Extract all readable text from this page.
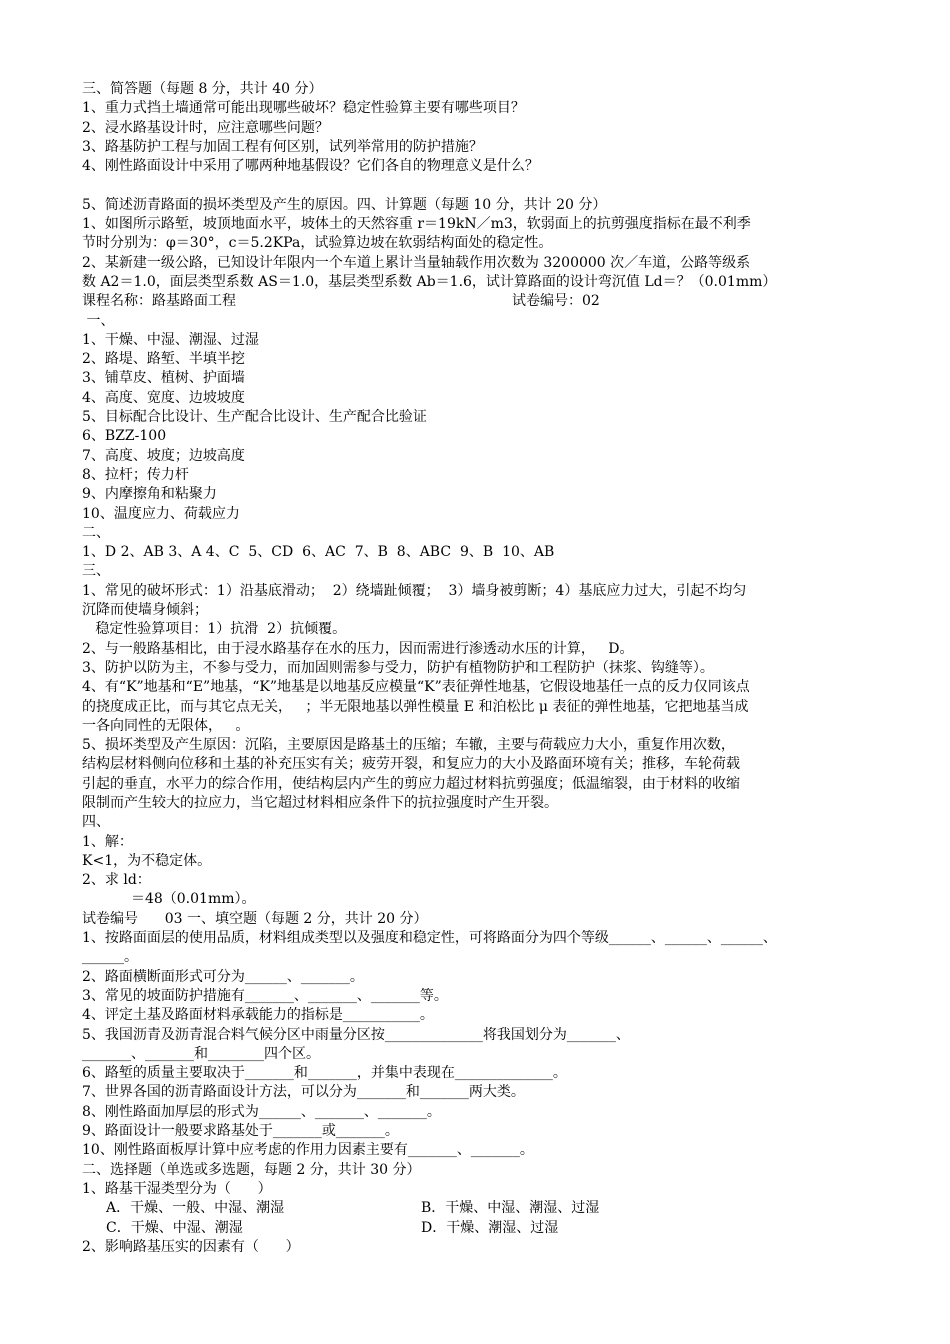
三、简答题（每题 8 分，共计 40 分）
1、重力式挡土墙通常可能出现哪些破坏？稳定性验算主要有哪些项目？
2、浸水路基设计时，应注意哪些问题？
3、路基防护工程与加固工程有何区别，试列举常用的防护措施？
4、刚性路面设计中采用了哪两种地基假设？它们各自的物理意义是什么？
5、简述沥青路面的损坏类型及产生的原因。四、计算题（每题 10 分，共计 20 分）
1、如图所示路堑，坡顶地面水平，坡体土的天然容重 r＝19kN／m3，软弱面上的抗剪强度指标在最不利季
节时分别为：φ＝30°，c＝5.2KPa，试验算边坡在软弱结构面处的稳定性。
2、某新建一级公路，已知设计年限内一个车道上累计当量轴载作用次数为 3200000 次／车道，公路等级系
数 A2＝1.0，面层类型系数 AS＝1.0，基层类型系数 Ab＝1.6，试计算路面的设计弯沉值 Ld＝？（0.01mm）
课程名称：路基路面工程	试卷编号：02
一、
1、干燥、中湿、潮湿、过湿
2、路堤、路堑、半填半挖
3、铺草皮、植树、护面墙
4、高度、宽度、边坡坡度
5、目标配合比设计、生产配合比设计、生产配合比验证
6、BZZ-100
7、高度、坡度；边坡高度
8、拉杆；传力杆
9、内摩擦角和粘聚力
10、温度应力、荷载应力
二、
1、D 2、AB 3、A 4、C  5、CD  6、AC  7、B  8、ABC  9、B  10、AB
三、
1、常见的破坏形式：1）沿基底滑动；  2）绕墙趾倾覆；  3）墙身被剪断；4）基底应力过大，引起不均匀
沉降而使墙身倾斜；
稳定性验算项目：1）抗滑  2）抗倾覆。
2、与一般路基相比，由于浸水路基存在水的压力，因而需进行渗透动水压的计算，   D。
3、防护以防为主，不参与受力，而加固则需参与受力，防护有植物防护和工程防护（抹浆、钩缝等）。
4、有“K”地基和“E”地基，“K”地基是以地基反应模量“K”表征弹性地基，它假设地基任一点的反力仅同该点
的挠度成正比，而与其它点无关，   ；半无限地基以弹性模量 E 和泊松比 μ 表征的弹性地基，它把地基当成
一各向同性的无限体，   。
5、损坏类型及产生原因：沉陷，主要原因是路基土的压缩；车辙，主要与荷载应力大小，重复作用次数，
结构层材料侧向位移和土基的补充压实有关；疲劳开裂，和复应力的大小及路面环境有关；推移，车轮荷载
引起的垂直，水平力的综合作用，使结构层内产生的剪应力超过材料抗剪强度；低温缩裂，由于材料的收缩
限制而产生较大的拉应力，当它超过材料相应条件下的抗拉强度时产生开裂。
四、
1、解：
K<1，为不稳定体。
2、求 ld：
＝48（0.01mm）。
试卷编号      03 一、填空题（每题 2 分，共计 20 分）
1、按路面面层的使用品质，材料组成类型以及强度和稳定性，可将路面分为四个等级______、______、______、
______。
2、路面横断面形式可分为______、_______。
3、常见的坡面防护措施有_______、_______、_______等。
4、评定土基及路面材料承载能力的指标是___________。
5、我国沥青及沥青混合料气候分区中雨量分区按______________将我国划分为_______、
_______、_______和________四个区。
6、路堑的质量主要取决于_______和_______，并集中表现在______________。
7、世界各国的沥青路面设计方法，可以分为_______和_______两大类。
8、刚性路面加厚层的形式为______、_______、_______。
9、路面设计一般要求路基处于_______或_______。
10、刚性路面板厚计算中应考虑的作用力因素主要有_______、_______。
二、选择题（单选或多选题，每题 2 分，共计 30 分）
1、路基干湿类型分为（      ）
A．干燥、一般、中湿、潮湿	B．干燥、中湿、潮湿、过湿
C．干燥、中湿、潮湿	D．干燥、潮湿、过湿
2、影响路基压实的因素有（      ）
